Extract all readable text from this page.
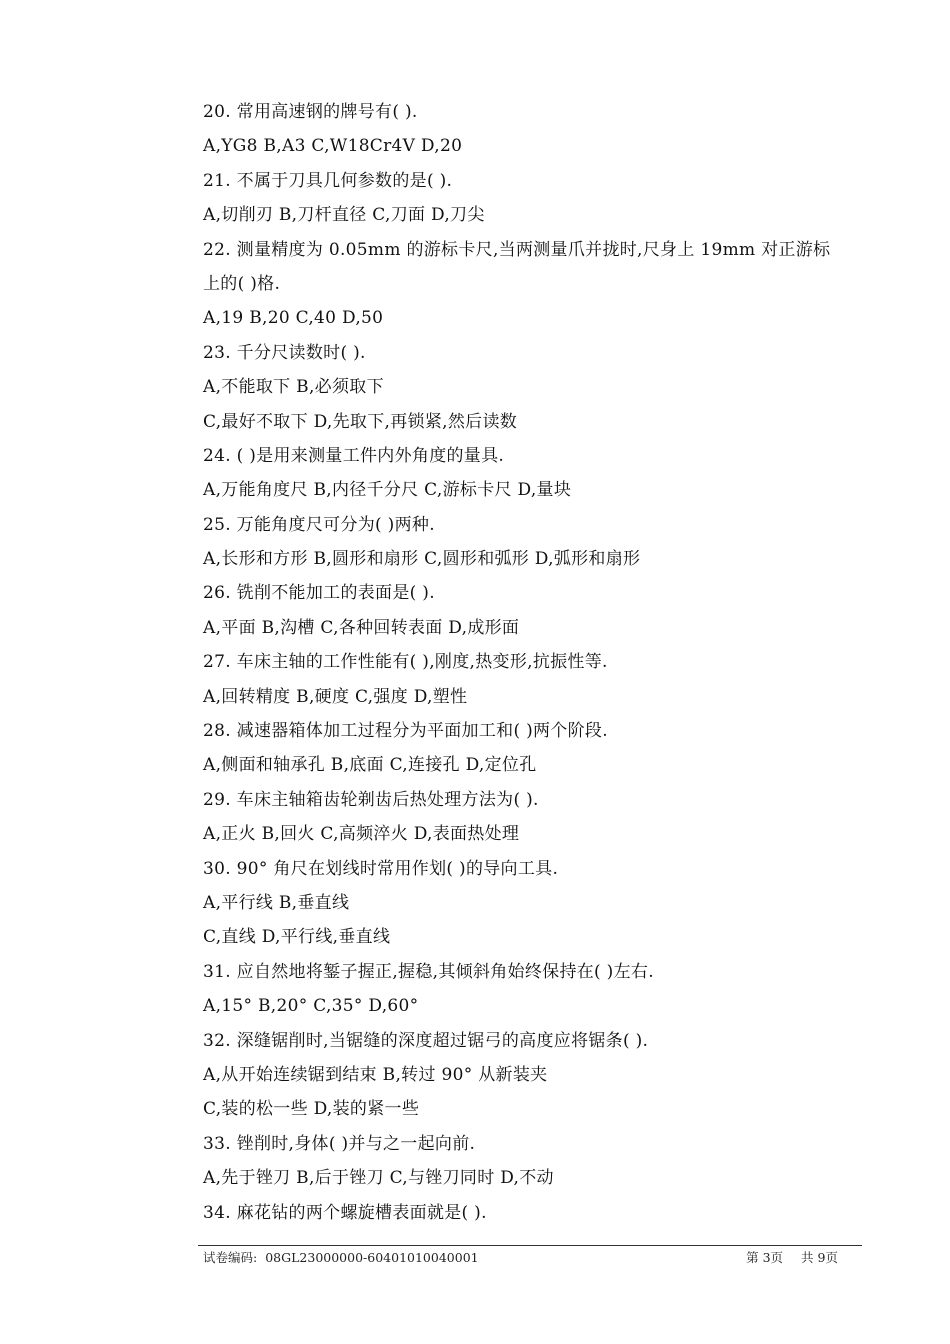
20. 常用高速钢的牌号有( ).
A,YG8 B,A3 C,W18Cr4V D,20
21. 不属于刀具几何参数的是( ).
A,切削刃 B,刀杆直径 C,刀面 D,刀尖
22. 测量精度为 0.05mm 的游标卡尺,当两测量爪并拢时,尺身上 19mm 对正游标
上的( )格.
A,19 B,20 C,40 D,50
23. 千分尺读数时( ).
A,不能取下 B,必须取下
C,最好不取下 D,先取下,再锁紧,然后读数
24. ( )是用来测量工件内外角度的量具.
A,万能角度尺 B,内径千分尺 C,游标卡尺 D,量块
25. 万能角度尺可分为( )两种.
A,长形和方形 B,圆形和扇形 C,圆形和弧形 D,弧形和扇形
26. 铣削不能加工的表面是( ).
A,平面 B,沟槽 C,各种回转表面 D,成形面
27. 车床主轴的工作性能有( ),刚度,热变形,抗振性等.
A,回转精度 B,硬度 C,强度 D,塑性
28. 减速器箱体加工过程分为平面加工和( )两个阶段.
A,侧面和轴承孔 B,底面 C,连接孔 D,定位孔
29. 车床主轴箱齿轮剃齿后热处理方法为( ).
A,正火 B,回火 C,高频淬火 D,表面热处理
30. 90° 角尺在划线时常用作划( )的导向工具.
A,平行线 B,垂直线
C,直线 D,平行线,垂直线
31. 应自然地将錾子握正,握稳,其倾斜角始终保持在( )左右.
A,15° B,20° C,35° D,60°
32. 深缝锯削时,当锯缝的深度超过锯弓的高度应将锯条( ).
A,从开始连续锯到结束 B,转过 90° 从新装夹
C,装的松一些 D,装的紧一些
33. 锉削时,身体( )并与之一起向前.
A,先于锉刀 B,后于锉刀 C,与锉刀同时 D,不动
34. 麻花钻的两个螺旋槽表面就是( ).
试卷编码: 08GL23000000-60401010040001	第 3页 共 9页
